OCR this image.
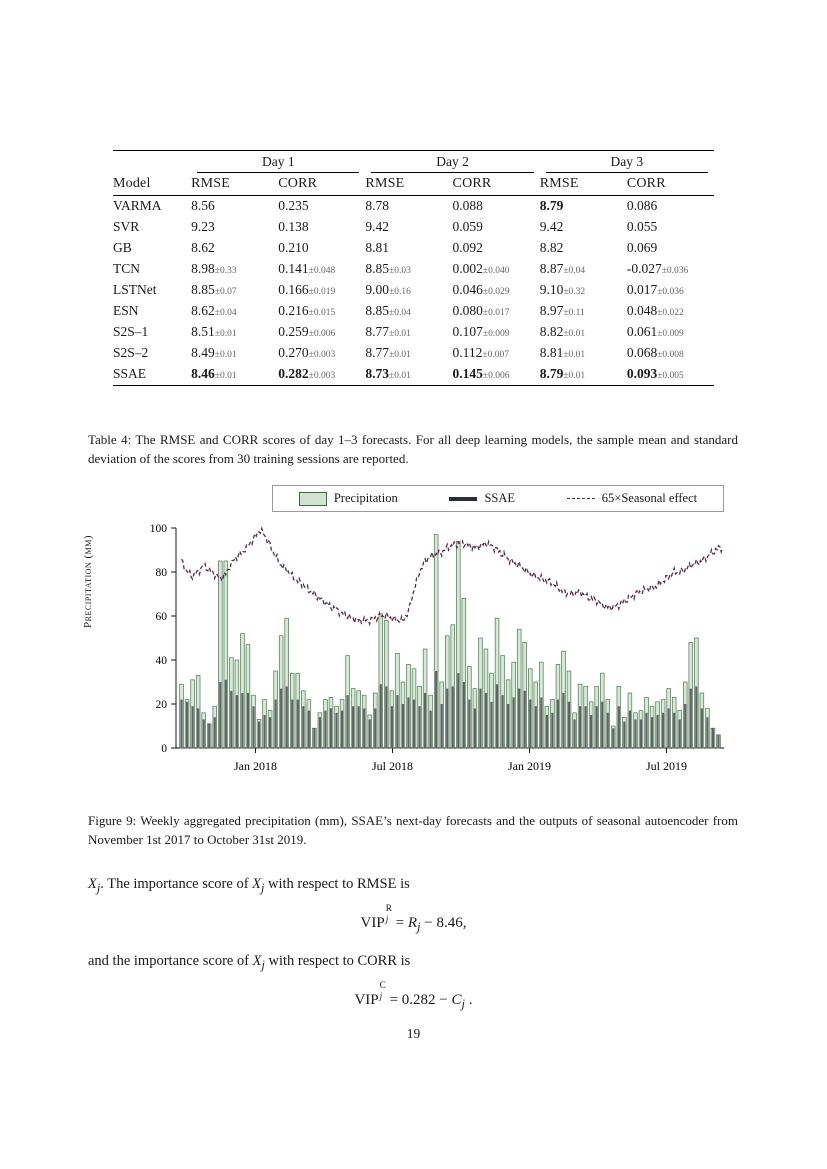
	Day 1		Day 2		Day 3	

Model	RMSE	CORR	RMSE	CORR	RMSE	CORR
VARMA	8.56	0.235	8.78	0.088	8.79	0.086
SVR	9.23	0.138	9.42	0.059	9.42	0.055
GB	8.62	0.210	8.81	0.092	8.82	0.069
TCN	8.98±0.33	0.141±0.048	8.85±0.03	0.002±0.040	8.87±0.04	-0.027±0.036
LSTNet	8.85±0.07	0.166±0.019	9.00±0.16	0.046±0.029	9.10±0.32	0.017±0.036
ESN	8.62±0.04	0.216±0.015	8.85±0.04	0.080±0.017	8.97±0.11	0.048±0.022
S2S–1	8.51±0.01	0.259±0.006	8.77±0.01	0.107±0.009	8.82±0.01	0.061±0.009
S2S–2	8.49±0.01	0.270±0.003	8.77±0.01	0.112±0.007	8.81±0.01	0.068±0.008
SSAE	8.46±0.01	0.282±0.003	8.73±0.01	0.145±0.006	8.79±0.01	0.093±0.005
Table 4: The RMSE and CORR scores of day 1–3 forecasts. For all deep learning models, the sample mean and standard deviation of the scores from 30 training sessions are reported.
Precipitation	SSAE	65×Seasonal effect
Precipitation (mm)
0
20
40
60
80
100
Jan 2018	Jul 2018	Jan 2019	Jul 2019
Figure 9: Weekly aggregated precipitation (mm), SSAE’s next-day forecasts and the outputs of seasonal autoencoder from November 1st 2017 to October 31st 2019.
$X_j$. The importance score of $X_j$ with respect to RMSE is
VIP
R
$j = R_j - 8.46$,
and the importance score of $X_j$ with respect to CORR is
VIP
C
$j = 0.282 - C_j$ .
19
